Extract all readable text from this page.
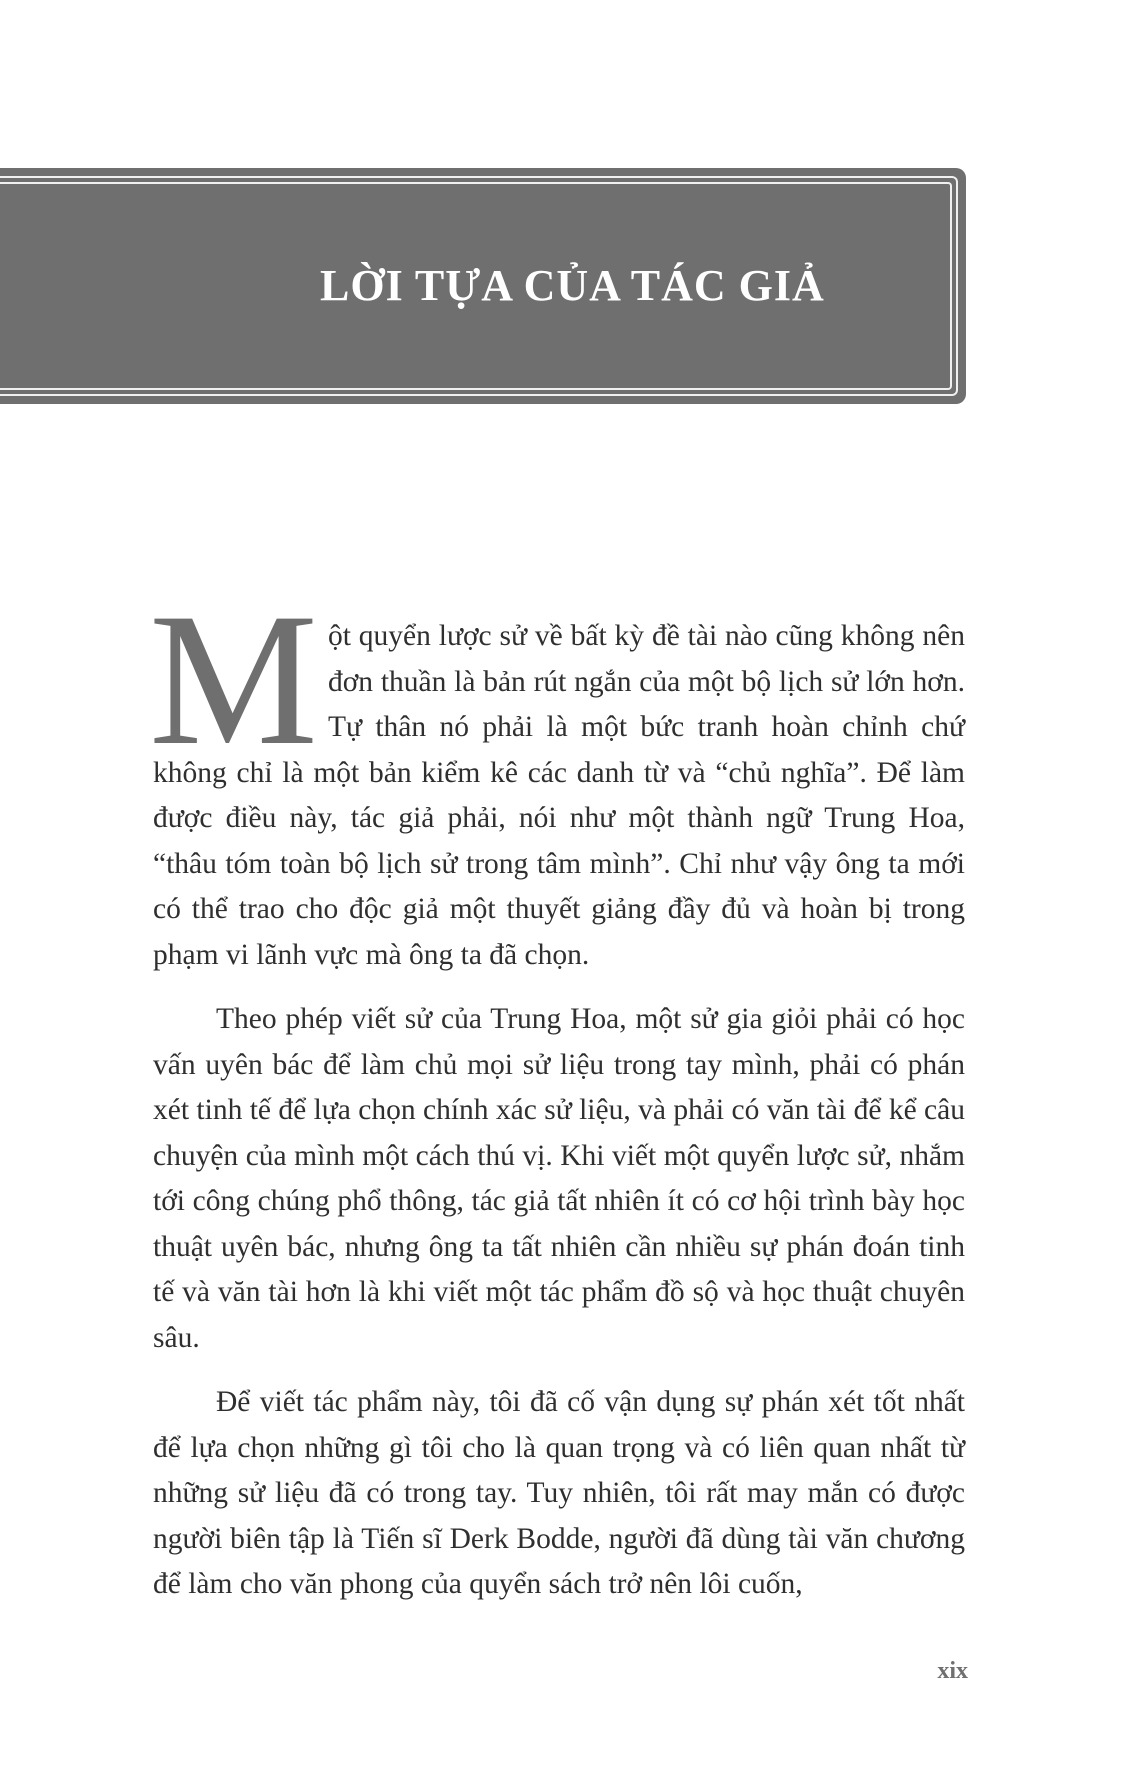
LỜI TỰA CỦA TÁC GIẢ

Một quyển lược sử về bất kỳ đề tài nào cũng không nên đơn thuần là bản rút ngắn của một bộ lịch sử lớn hơn. Tự thân nó phải là một bức tranh hoàn chỉnh chứ không chỉ là một bản kiểm kê các danh từ và “chủ nghĩa”. Để làm được điều này, tác giả phải, nói như một thành ngữ Trung Hoa, “thâu tóm toàn bộ lịch sử trong tâm mình”. Chỉ như vậy ông ta mới có thể trao cho độc giả một thuyết giảng đầy đủ và hoàn bị trong phạm vi lãnh vực mà ông ta đã chọn.

Theo phép viết sử của Trung Hoa, một sử gia giỏi phải có học vấn uyên bác để làm chủ mọi sử liệu trong tay mình, phải có phán xét tinh tế để lựa chọn chính xác sử liệu, và phải có văn tài để kể câu chuyện của mình một cách thú vị. Khi viết một quyển lược sử, nhắm tới công chúng phổ thông, tác giả tất nhiên ít có cơ hội trình bày học thuật uyên bác, nhưng ông ta tất nhiên cần nhiều sự phán đoán tinh tế và văn tài hơn là khi viết một tác phẩm đồ sộ và học thuật chuyên sâu.

Để viết tác phẩm này, tôi đã cố vận dụng sự phán xét tốt nhất để lựa chọn những gì tôi cho là quan trọng và có liên quan nhất từ những sử liệu đã có trong tay. Tuy nhiên, tôi rất may mắn có được người biên tập là Tiến sĩ Derk Bodde, người đã dùng tài văn chương để làm cho văn phong của quyển sách trở nên lôi cuốn,

xix
